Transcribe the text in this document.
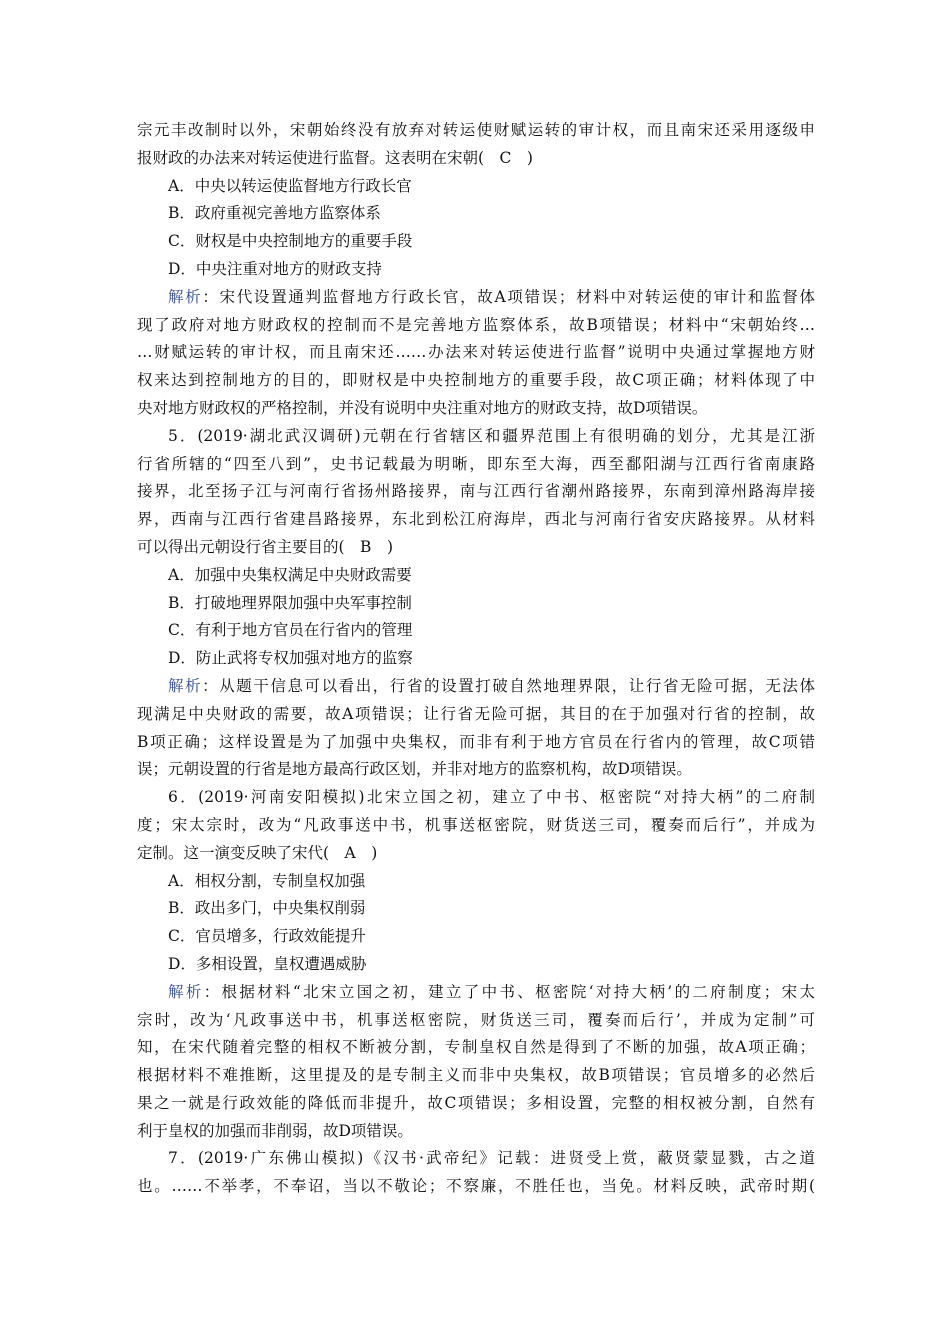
宗元丰改制时以外，宋朝始终没有放弃对转运使财赋运转的审计权，而且南宋还采用逐级申
报财政的办法来对转运使进行监督。这表明在宋朝(　C　)
A．中央以转运使监督地方行政长官
B．政府重视完善地方监察体系
C．财权是中央控制地方的重要手段
D．中央注重对地方的财政支持
解析：宋代设置通判监督地方行政长官，故A项错误；材料中对转运使的审计和监督体
现了政府对地方财政权的控制而不是完善地方监察体系，故B项错误；材料中“宋朝始终…
…财赋运转的审计权，而且南宋还……办法来对转运使进行监督”说明中央通过掌握地方财
权来达到控制地方的目的，即财权是中央控制地方的重要手段，故C项正确；材料体现了中
央对地方财政权的严格控制，并没有说明中央注重对地方的财政支持，故D项错误。
5．(2019·湖北武汉调研)元朝在行省辖区和疆界范围上有很明确的划分，尤其是江浙
行省所辖的“四至八到”，史书记载最为明晰，即东至大海，西至鄱阳湖与江西行省南康路
接界，北至扬子江与河南行省扬州路接界，南与江西行省潮州路接界，东南到漳州路海岸接
界，西南与江西行省建昌路接界，东北到松江府海岸，西北与河南行省安庆路接界。从材料
可以得出元朝设行省主要目的(　B　)
A．加强中央集权满足中央财政需要
B．打破地理界限加强中央军事控制
C．有利于地方官员在行省内的管理
D．防止武将专权加强对地方的监察
解析：从题干信息可以看出，行省的设置打破自然地理界限，让行省无险可据，无法体
现满足中央财政的需要，故A项错误；让行省无险可据，其目的在于加强对行省的控制，故
B项正确；这样设置是为了加强中央集权，而非有利于地方官员在行省内的管理，故C项错
误；元朝设置的行省是地方最高行政区划，并非对地方的监察机构，故D项错误。
6．(2019·河南安阳模拟)北宋立国之初，建立了中书、枢密院“对持大柄”的二府制
度；宋太宗时，改为“凡政事送中书，机事送枢密院，财货送三司，覆奏而后行”，并成为
定制。这一演变反映了宋代(　A　)
A．相权分割，专制皇权加强
B．政出多门，中央集权削弱
C．官员增多，行政效能提升
D．多相设置，皇权遭遇威胁
解析：根据材料“北宋立国之初，建立了中书、枢密院‘对持大柄’的二府制度；宋太
宗时，改为‘凡政事送中书，机事送枢密院，财货送三司，覆奏而后行’，并成为定制”可
知，在宋代随着完整的相权不断被分割，专制皇权自然是得到了不断的加强，故A项正确；
根据材料不难推断，这里提及的是专制主义而非中央集权，故B项错误；官员增多的必然后
果之一就是行政效能的降低而非提升，故C项错误；多相设置，完整的相权被分割，自然有
利于皇权的加强而非削弱，故D项错误。
7．(2019·广东佛山模拟)《汉书·武帝纪》记载：进贤受上赏，蔽贤蒙显戮，古之道
也。……不举孝，不奉诏，当以不敬论；不察廉，不胜任也，当免。材料反映，武帝时期(
